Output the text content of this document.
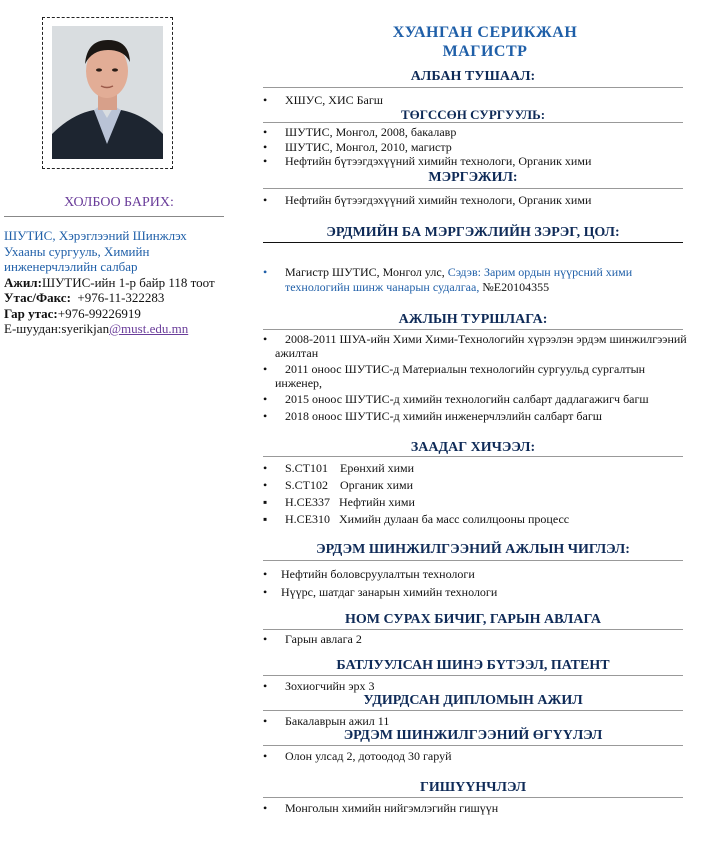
ХОЛБОО БАРИХ:
ШУТИС, Хэрэглээний Шинжлэх Ухааны сургууль, Химийн инженерчлэлийн салбар
Ажил:ШУТИС-ийн 1-р байр 118 тоот
Утас/Факс: +976-11-322283
Гар утас:+976-99226919
Е-шуудан:syerikjan@must.edu.mn
ХУАНГАН СЕРИКЖАН
МАГИСТР
АЛБАН ТУШААЛ:
• ХШУС, ХИС Багш
ТӨГССӨН СУРГУУЛЬ:
• ШУТИС, Монгол, 2008, бакалавр
• ШУТИС, Монгол, 2010, магистр
• Нефтийн бүтээгдэхүүний химийн технологи, Органик хими
МЭРГЭЖИЛ:
• Нефтийн бүтээгдэхүүний химийн технологи, Органик хими
ЭРДМИЙН БА МЭРГЭЖЛИЙН ЗЭРЭГ, ЦОЛ:
• Магистр ШУТИС, Монгол улс, Сэдэв: Зарим ордын нүүрсний хими технологийн шинж чанарын судалгаа, №E20104355
АЖЛЫН ТУРШЛАГА:
• 2008-2011 ШУА-ийн Хими Хими-Технологийн хүрээлэн эрдэм шинжилгээний ажилтан
• 2011 оноос ШУТИС-д Материалын технологийн сургуульд сургалтын инженер,
• 2015 оноос ШУТИС-д химийн технологийн салбарт дадлагажигч багш
• 2018 оноос ШУТИС-д химийн инженерчлэлийн салбарт багш
ЗААДАГ ХИЧЭЭЛ:
• S.CT101 Ерөнхий хими
• S.CT102 Органик хими
▪ H.CE337 Нефтийн хими
▪ H.CE310 Химийн дулаан ба масс солилцооны процесс
ЭРДЭМ ШИНЖИЛГЭЭНИЙ АЖЛЫН ЧИГЛЭЛ:
• Нефтийн боловсруулалтын технологи
• Нүүрс, шатдаг занарын химийн технологи
НОМ СУРАХ БИЧИГ, ГАРЫН АВЛАГА
• Гарын авлага 2
БАТЛУУЛСАН ШИНЭ БҮТЭЭЛ, ПАТЕНТ
• Зохиогчийн эрх 3
УДИРДСАН ДИПЛОМЫН АЖИЛ
• Бакалаврын ажил 11
ЭРДЭМ ШИНЖИЛГЭЭНИЙ ӨГҮҮЛЭЛ
• Олон улсад 2, дотоодод 30 гаруй
ГИШҮҮНЧЛЭЛ
• Монголын химийн нийгэмлэгийн гишүүн
